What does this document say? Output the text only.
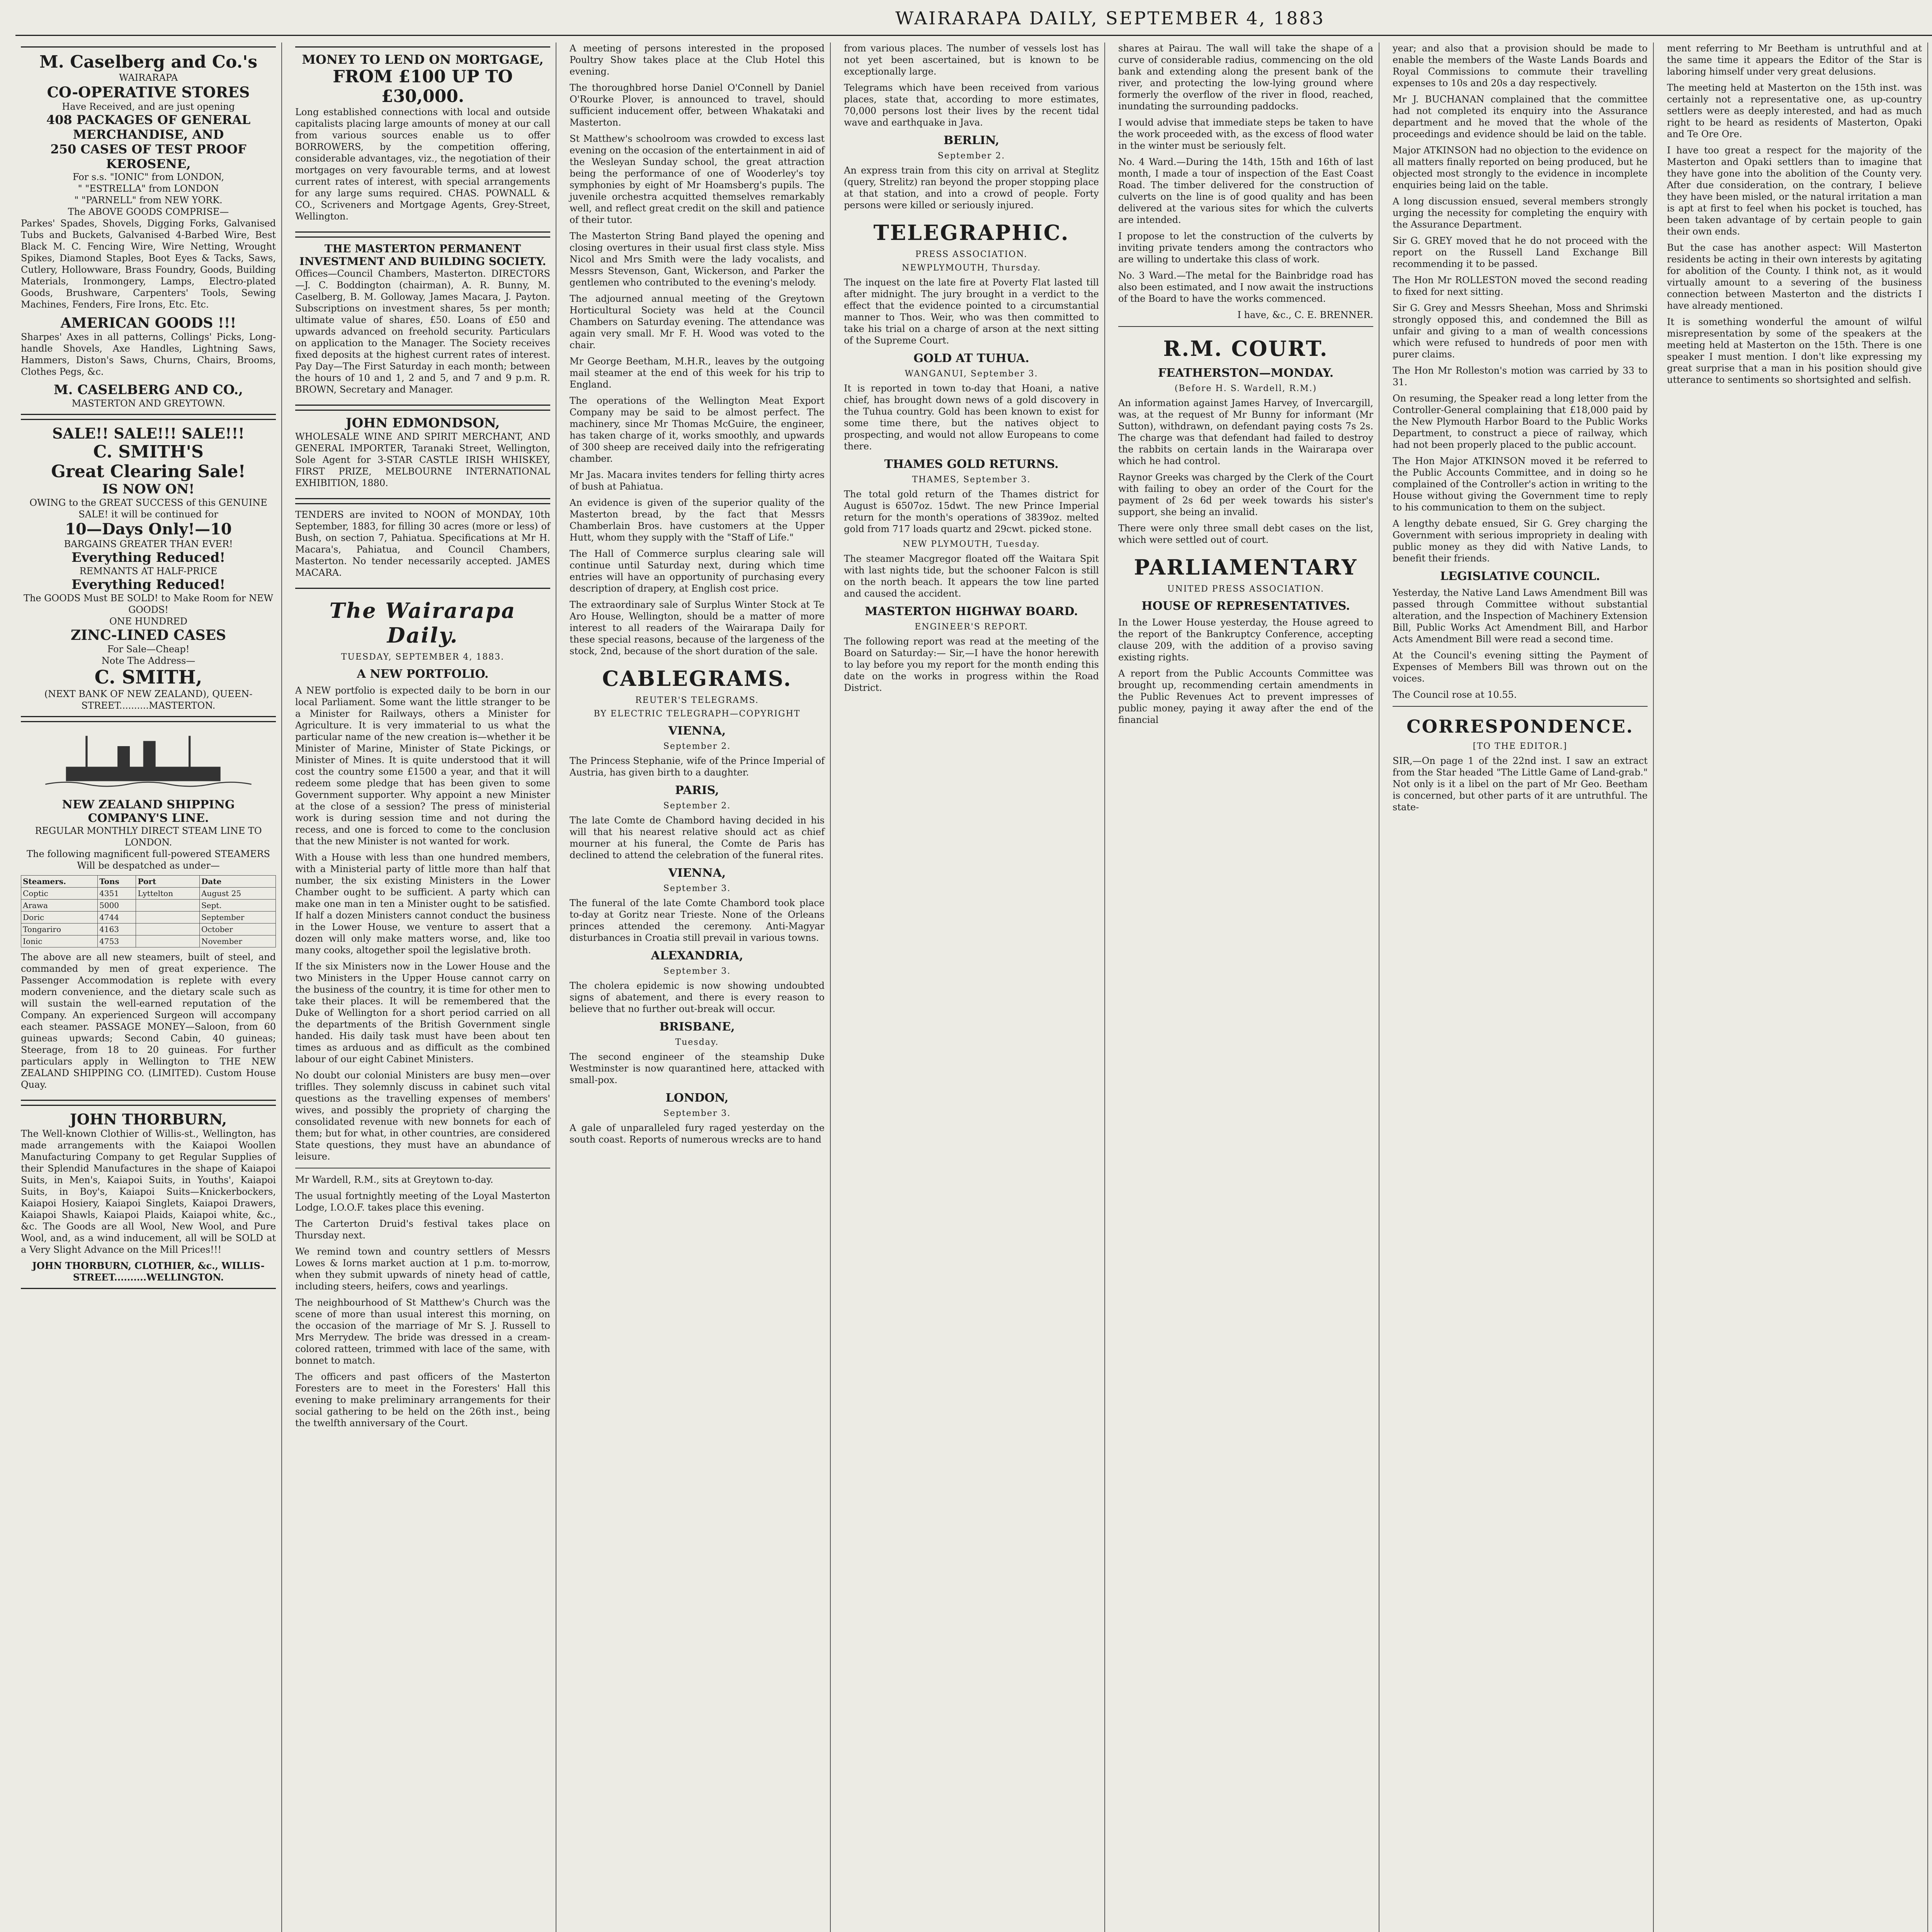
WAIRARAPA DAILY, SEPTEMBER 4, 1883
M. Caselberg and Co.'s
WAIRARAPA
CO-OPERATIVE STORES
Have Received, and are just opening
408 PACKAGES OF GENERAL MERCHANDISE, AND
250 CASES OF TEST PROOF KEROSENE,
For s.s. "IONIC" from LONDON,
" "ESTRELLA" from LONDON
" "PARNELL" from NEW YORK.
The ABOVE GOODS COMPRISE—

Parkes' Spades, Shovels, Digging Forks, Galvanised Tubs and Buckets, Galvanised 4-Barbed Wire, Best Black M. C. Fencing Wire, Wire Netting, Wrought Spikes, Diamond Staples, Boot Eyes & Tacks, Saws, Cutlery, Hollowware, Brass Foundry, Goods, Building Materials, Ironmongery, Lamps, Electro-plated Goods, Brushware, Carpenters' Tools, Sewing Machines, Fenders, Fire Irons, Etc. Etc.

AMERICAN GOODS !!!

Sharpes' Axes in all patterns, Collings' Picks, Long-handle Shovels, Axe Handles, Lightning Saws, Hammers, Diston's Saws, Churns, Chairs, Brooms, Clothes Pegs, &c.

M. CASELBERG AND CO.,
MASTERTON AND GREYTOWN.
SALE!! SALE!!! SALE!!!
C. SMITH'S
Great Clearing Sale!
IS NOW ON!
OWING to the GREAT SUCCESS of this GENUINE SALE! it will be continued for
10—Days Only!—10
BARGAINS GREATER THAN EVER!
Everything Reduced!
REMNANTS AT HALF-PRICE
Everything Reduced!
The GOODS Must BE SOLD! to Make Room for NEW GOODS!
ONE HUNDRED
ZINC-LINED CASES
For Sale—Cheap!
Note The Address—
C. SMITH,
(NEXT BANK OF NEW ZEALAND), QUEEN-STREET..........MASTERTON.
NEW ZEALAND SHIPPING COMPANY'S LINE.
REGULAR MONTHLY DIRECT STEAM LINE TO LONDON.
The following magnificent full-powered STEAMERS Will be despatched as under—
Steamers.	Tons	Port	Date
Coptic	4351	Lyttelton	August 25
Arawa	5000		Sept.
Doric	4744		September
Tongariro	4163		October
Ionic	4753		November

The above are all new steamers, built of steel, and commanded by men of great experience. The Passenger Accommodation is replete with every modern convenience, and the dietary scale such as will sustain the well-earned reputation of the Company. An experienced Surgeon will accompany each steamer. PASSAGE MONEY—Saloon, from 60 guineas upwards; Second Cabin, 40 guineas; Steerage, from 18 to 20 guineas. For further particulars apply in Wellington to THE NEW ZEALAND SHIPPING CO. (LIMITED). Custom House Quay.

JOHN THORBURN,

The Well-known Clothier of Willis-st., Wellington, has made arrangements with the Kaiapoi Woollen Manufacturing Company to get Regular Supplies of their Splendid Manufactures in the shape of Kaiapoi Suits, in Men's, Kaiapoi Suits, in Youths', Kaiapoi Suits, in Boy's, Kaiapoi Suits—Knickerbockers, Kaiapoi Hosiery, Kaiapoi Singlets, Kaiapoi Drawers, Kaiapoi Shawls, Kaiapoi Plaids, Kaiapoi white, &c., &c. The Goods are all Wool, New Wool, and Pure Wool, and, as a wind inducement, all will be SOLD at a Very Slight Advance on the Mill Prices!!!

JOHN THORBURN, CLOTHIER, &c., WILLIS-STREET..........WELLINGTON.
MONEY TO LEND ON MORTGAGE,
FROM £100 UP TO £30,000.

Long established connections with local and outside capitalists placing large amounts of money at our call from various sources enable us to offer BORROWERS, by the competition offering, considerable advantages, viz., the negotiation of their mortgages on very favourable terms, and at lowest current rates of interest, with special arrangements for any large sums required. CHAS. POWNALL & CO., Scriveners and Mortgage Agents, Grey-Street, Wellington.

THE MASTERTON PERMANENT INVESTMENT AND BUILDING SOCIETY.

Offices—Council Chambers, Masterton. DIRECTORS—J. C. Boddington (chairman), A. R. Bunny, M. Caselberg, B. M. Golloway, James Macara, J. Payton. Subscriptions on investment shares, 5s per month; ultimate value of shares, £50. Loans of £50 and upwards advanced on freehold security. Particulars on application to the Manager. The Society receives fixed deposits at the highest current rates of interest. Pay Day—The First Saturday in each month; between the hours of 10 and 1, 2 and 5, and 7 and 9 p.m. R. BROWN, Secretary and Manager.

JOHN EDMONDSON,

WHOLESALE WINE AND SPIRIT MERCHANT, AND GENERAL IMPORTER, Taranaki Street, Wellington, Sole Agent for 3-STAR CASTLE IRISH WHISKEY, FIRST PRIZE, MELBOURNE INTERNATIONAL EXHIBITION, 1880.

TENDERS are invited to NOON of MONDAY, 10th September, 1883, for filling 30 acres (more or less) of Bush, on section 7, Pahiatua. Specifications at Mr H. Macara's, Pahiatua, and Council Chambers, Masterton. No tender necessarily accepted. JAMES MACARA.

The Wairarapa Daily.
TUESDAY, SEPTEMBER 4, 1883.
A NEW PORTFOLIO.

A NEW portfolio is expected daily to be born in our local Parliament. Some want the little stranger to be a Minister for Railways, others a Minister for Agriculture. It is very immaterial to us what the particular name of the new creation is—whether it be Minister of Marine, Minister of State Pickings, or Minister of Mines. It is quite understood that it will cost the country some £1500 a year, and that it will redeem some pledge that has been given to some Government supporter. Why appoint a new Minister at the close of a session? The press of ministerial work is during session time and not during the recess, and one is forced to come to the conclusion that the new Minister is not wanted for work.

With a House with less than one hundred members, with a Ministerial party of little more than half that number, the six existing Ministers in the Lower Chamber ought to be sufficient. A party which can make one man in ten a Minister ought to be satisfied. If half a dozen Ministers cannot conduct the business in the Lower House, we venture to assert that a dozen will only make matters worse, and, like too many cooks, altogether spoil the legislative broth.

If the six Ministers now in the Lower House and the two Ministers in the Upper House cannot carry on the business of the country, it is time for other men to take their places. It will be remembered that the Duke of Wellington for a short period carried on all the departments of the British Government single handed. His daily task must have been about ten times as arduous and as difficult as the combined labour of our eight Cabinet Ministers.

No doubt our colonial Ministers are busy men—over triflles. They solemnly discuss in cabinet such vital questions as the travelling expenses of members' wives, and possibly the propriety of charging the consolidated revenue with new bonnets for each of them; but for what, in other countries, are considered State questions, they must have an abundance of leisure.

Mr Wardell, R.M., sits at Greytown to-day.

The usual fortnightly meeting of the Loyal Masterton Lodge, I.O.O.F. takes place this evening.

The Carterton Druid's festival takes place on Thursday next.

We remind town and country settlers of Messrs Lowes & Iorns market auction at 1 p.m. to-morrow, when they submit upwards of ninety head of cattle, including steers, heifers, cows and yearlings.

The neighbourhood of St Matthew's Church was the scene of more than usual interest this morning, on the occasion of the marriage of Mr S. J. Russell to Mrs Merrydew. The bride was dressed in a cream-colored ratteen, trimmed with lace of the same, with bonnet to match.

The officers and past officers of the Masterton Foresters are to meet in the Foresters' Hall this evening to make preliminary arrangements for their social gathering to be held on the 26th inst., being the twelfth anniversary of the Court.

A meeting of persons interested in the proposed Poultry Show takes place at the Club Hotel this evening.

The thoroughbred horse Daniel O'Connell by Daniel O'Rourke Plover, is announced to travel, should sufficient inducement offer, between Whakataki and Masterton.

St Matthew's schoolroom was crowded to excess last evening on the occasion of the entertainment in aid of the Wesleyan Sunday school, the great attraction being the performance of one of Wooderley's toy symphonies by eight of Mr Hoamsberg's pupils. The juvenile orchestra acquitted themselves remarkably well, and reflect great credit on the skill and patience of their tutor.

The Masterton String Band played the opening and closing overtures in their usual first class style. Miss Nicol and Mrs Smith were the lady vocalists, and Messrs Stevenson, Gant, Wickerson, and Parker the gentlemen who contributed to the evening's melody.

The adjourned annual meeting of the Greytown Horticultural Society was held at the Council Chambers on Saturday evening. The attendance was again very small. Mr F. H. Wood was voted to the chair.

Mr George Beetham, M.H.R., leaves by the outgoing mail steamer at the end of this week for his trip to England.

The operations of the Wellington Meat Export Company may be said to be almost perfect. The machinery, since Mr Thomas McGuire, the engineer, has taken charge of it, works smoothly, and upwards of 300 sheep are received daily into the refrigerating chamber.

Mr Jas. Macara invites tenders for felling thirty acres of bush at Pahiatua.

An evidence is given of the superior quality of the Masterton bread, by the fact that Messrs Chamberlain Bros. have customers at the Upper Hutt, whom they supply with the "Staff of Life."

The Hall of Commerce surplus clearing sale will continue until Saturday next, during which time entries will have an opportunity of purchasing every description of drapery, at English cost price.

The extraordinary sale of Surplus Winter Stock at Te Aro House, Wellington, should be a matter of more interest to all readers of the Wairarapa Daily for these special reasons, because of the largeness of the stock, 2nd, because of the short duration of the sale.

CABLEGRAMS.
REUTER'S TELEGRAMS.
BY ELECTRIC TELEGRAPH—COPYRIGHT
VIENNA,
September 2.

The Princess Stephanie, wife of the Prince Imperial of Austria, has given birth to a daughter.

PARIS,
September 2.

The late Comte de Chambord having decided in his will that his nearest relative should act as chief mourner at his funeral, the Comte de Paris has declined to attend the celebration of the funeral rites.

VIENNA,
September 3.

The funeral of the late Comte Chambord took place to-day at Goritz near Trieste. None of the Orleans princes attended the ceremony. Anti-Magyar disturbances in Croatia still prevail in various towns.

ALEXANDRIA,
September 3.

The cholera epidemic is now showing undoubted signs of abatement, and there is every reason to believe that no further out-break will occur.

BRISBANE,
Tuesday.

The second engineer of the steamship Duke Westminster is now quarantined here, attacked with small-pox.

LONDON,
September 3.

A gale of unparalleled fury raged yesterday on the south coast. Reports of numerous wrecks are to hand

from various places. The number of vessels lost has not yet been ascertained, but is known to be exceptionally large.

Telegrams which have been received from various places, state that, according to more estimates, 70,000 persons lost their lives by the recent tidal wave and earthquake in Java.

BERLIN,
September 2.

An express train from this city on arrival at Steglitz (query, Strelitz) ran beyond the proper stopping place at that station, and into a crowd of people. Forty persons were killed or seriously injured.

TELEGRAPHIC.
PRESS ASSOCIATION.
NEWPLYMOUTH, Thursday.

The inquest on the late fire at Poverty Flat lasted till after midnight. The jury brought in a verdict to the effect that the evidence pointed to a circumstantial manner to Thos. Weir, who was then committed to take his trial on a charge of arson at the next sitting of the Supreme Court.

GOLD AT TUHUA.
WANGANUI, September 3.

It is reported in town to-day that Hoani, a native chief, has brought down news of a gold discovery in the Tuhua country. Gold has been known to exist for some time there, but the natives object to prospecting, and would not allow Europeans to come there.

THAMES GOLD RETURNS.
THAMES, September 3.

The total gold return of the Thames district for August is 6507oz. 15dwt. The new Prince Imperial return for the month's operations of 3839oz. melted gold from 717 loads quartz and 29cwt. picked stone.

NEW PLYMOUTH, Tuesday.

The steamer Macgregor floated off the Waitara Spit with last nights tide, but the schooner Falcon is still on the north beach. It appears the tow line parted and caused the accident.

MASTERTON HIGHWAY BOARD.
ENGINEER'S REPORT.

The following report was read at the meeting of the Board on Saturday:— Sir,—I have the honor herewith to lay before you my report for the month ending this date on the works in progress within the Road District.

shares at Pairau. The wall will take the shape of a curve of considerable radius, commencing on the old bank and extending along the present bank of the river, and protecting the low-lying ground where formerly the overflow of the river in flood, reached, inundating the surrounding paddocks.

I would advise that immediate steps be taken to have the work proceeded with, as the excess of flood water in the winter must be seriously felt.

No. 4 Ward.—During the 14th, 15th and 16th of last month, I made a tour of inspection of the East Coast Road. The timber delivered for the construction of culverts on the line is of good quality and has been delivered at the various sites for which the culverts are intended.

I propose to let the construction of the culverts by inviting private tenders among the contractors who are willing to undertake this class of work.

No. 3 Ward.—The metal for the Bainbridge road has also been estimated, and I now await the instructions of the Board to have the works commenced.

I have, &c., C. E. BRENNER.

R.M. COURT.
FEATHERSTON—MONDAY.
(Before H. S. Wardell, R.M.)

An information against James Harvey, of Invercargill, was, at the request of Mr Bunny for informant (Mr Sutton), withdrawn, on defendant paying costs 7s 2s. The charge was that defendant had failed to destroy the rabbits on certain lands in the Wairarapa over which he had control.

Raynor Greeks was charged by the Clerk of the Court with failing to obey an order of the Court for the payment of 2s 6d per week towards his sister's support, she being an invalid.

There were only three small debt cases on the list, which were settled out of court.

PARLIAMENTARY
UNITED PRESS ASSOCIATION.
HOUSE OF REPRESENTATIVES.

In the Lower House yesterday, the House agreed to the report of the Bankruptcy Conference, accepting clause 209, with the addition of a proviso saving existing rights.

A report from the Public Accounts Committee was brought up, recommending certain amendments in the Public Revenues Act to prevent impresses of public money, paying it away after the end of the financial

year; and also that a provision should be made to enable the members of the Waste Lands Boards and Royal Commissions to commute their travelling expenses to 10s and 20s a day respectively.

Mr J. BUCHANAN complained that the committee had not completed its enquiry into the Assurance department and he moved that the whole of the proceedings and evidence should be laid on the table.

Major ATKINSON had no objection to the evidence on all matters finally reported on being produced, but he objected most strongly to the evidence in incomplete enquiries being laid on the table.

A long discussion ensued, several members strongly urging the necessity for completing the enquiry with the Assurance Department.

Sir G. GREY moved that he do not proceed with the report on the Russell Land Exchange Bill recommending it to be passed.

The Hon Mr ROLLESTON moved the second reading to fixed for next sitting.

Sir G. Grey and Messrs Sheehan, Moss and Shrimski strongly opposed this, and condemned the Bill as unfair and giving to a man of wealth concessions which were refused to hundreds of poor men with purer claims.

The Hon Mr Rolleston's motion was carried by 33 to 31.

On resuming, the Speaker read a long letter from the Controller-General complaining that £18,000 paid by the New Plymouth Harbor Board to the Public Works Department, to construct a piece of railway, which had not been properly placed to the public account.

The Hon Major ATKINSON moved it be referred to the Public Accounts Committee, and in doing so he complained of the Controller's action in writing to the House without giving the Government time to reply to his communication to them on the subject.

A lengthy debate ensued, Sir G. Grey charging the Government with serious impropriety in dealing with public money as they did with Native Lands, to benefit their friends.

LEGISLATIVE COUNCIL.

Yesterday, the Native Land Laws Amendment Bill was passed through Committee without substantial alteration, and the Inspection of Machinery Extension Bill, Public Works Act Amendment Bill, and Harbor Acts Amendment Bill were read a second time.

At the Council's evening sitting the Payment of Expenses of Members Bill was thrown out on the voices.

The Council rose at 10.55.

CORRESPONDENCE.
[TO THE EDITOR.]

SIR,—On page 1 of the 22nd inst. I saw an extract from the Star headed "The Little Game of Land-grab." Not only is it a libel on the part of Mr Geo. Beetham is concerned, but other parts of it are untruthful. The state-

ment referring to Mr Beetham is untruthful and at the same time it appears the Editor of the Star is laboring himself under very great delusions.

The meeting held at Masterton on the 15th inst. was certainly not a representative one, as up-country settlers were as deeply interested, and had as much right to be heard as residents of Masterton, Opaki and Te Ore Ore.

I have too great a respect for the majority of the Masterton and Opaki settlers than to imagine that they have gone into the abolition of the County very. After due consideration, on the contrary, I believe they have been misled, or the natural irritation a man is apt at first to feel when his pocket is touched, has been taken advantage of by certain people to gain their own ends.

But the case has another aspect: Will Masterton residents be acting in their own interests by agitating for abolition of the County. I think not, as it would virtually amount to a severing of the business connection between Masterton and the districts I have already mentioned.

It is something wonderful the amount of wilful misrepresentation by some of the speakers at the meeting held at Masterton on the 15th. There is one speaker I must mention. I don't like expressing my great surprise that a man in his position should give utterance to sentiments so shortsighted and selfish.
